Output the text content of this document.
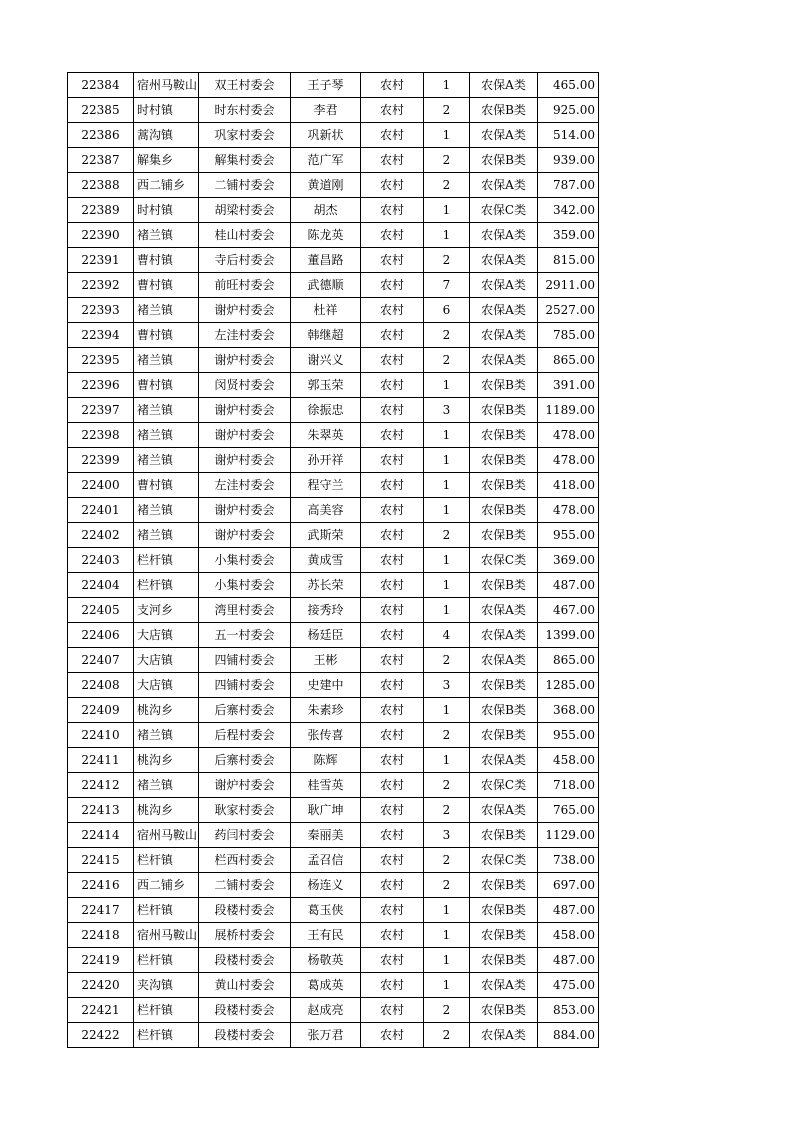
22384	宿州马鞍山	双王村委会	王子琴	农村	1	农保A类	465.00
22385	时村镇	时东村委会	李君	农村	2	农保B类	925.00
22386	蒿沟镇	巩家村委会	巩新状	农村	1	农保A类	514.00
22387	解集乡	解集村委会	范广军	农村	2	农保B类	939.00
22388	西二铺乡	二铺村委会	黄道刚	农村	2	农保A类	787.00
22389	时村镇	胡梁村委会	胡杰	农村	1	农保C类	342.00
22390	褚兰镇	桂山村委会	陈龙英	农村	1	农保A类	359.00
22391	曹村镇	寺后村委会	董昌路	农村	2	农保A类	815.00
22392	曹村镇	前旺村委会	武德顺	农村	7	农保A类	2911.00
22393	褚兰镇	谢炉村委会	杜祥	农村	6	农保A类	2527.00
22394	曹村镇	左洼村委会	韩继超	农村	2	农保A类	785.00
22395	褚兰镇	谢炉村委会	谢兴义	农村	2	农保A类	865.00
22396	曹村镇	闵贤村委会	郭玉荣	农村	1	农保B类	391.00
22397	褚兰镇	谢炉村委会	徐振忠	农村	3	农保B类	1189.00
22398	褚兰镇	谢炉村委会	朱翠英	农村	1	农保B类	478.00
22399	褚兰镇	谢炉村委会	孙开祥	农村	1	农保B类	478.00
22400	曹村镇	左洼村委会	程守兰	农村	1	农保B类	418.00
22401	褚兰镇	谢炉村委会	高美容	农村	1	农保B类	478.00
22402	褚兰镇	谢炉村委会	武斯荣	农村	2	农保B类	955.00
22403	栏杆镇	小集村委会	黄成雪	农村	1	农保C类	369.00
22404	栏杆镇	小集村委会	苏长荣	农村	1	农保B类	487.00
22405	支河乡	湾里村委会	接秀玲	农村	1	农保A类	467.00
22406	大店镇	五一村委会	杨廷臣	农村	4	农保A类	1399.00
22407	大店镇	四铺村委会	王彬	农村	2	农保A类	865.00
22408	大店镇	四铺村委会	史建中	农村	3	农保B类	1285.00
22409	桃沟乡	后寨村委会	朱素珍	农村	1	农保B类	368.00
22410	褚兰镇	后程村委会	张传喜	农村	2	农保B类	955.00
22411	桃沟乡	后寨村委会	陈辉	农村	1	农保A类	458.00
22412	褚兰镇	谢炉村委会	桂雪英	农村	2	农保C类	718.00
22413	桃沟乡	耿家村委会	耿广坤	农村	2	农保A类	765.00
22414	宿州马鞍山	药闫村委会	秦丽美	农村	3	农保B类	1129.00
22415	栏杆镇	栏西村委会	孟召信	农村	2	农保C类	738.00
22416	西二铺乡	二铺村委会	杨连义	农村	2	农保B类	697.00
22417	栏杆镇	段楼村委会	葛玉侠	农村	1	农保B类	487.00
22418	宿州马鞍山	展桥村委会	王有民	农村	1	农保B类	458.00
22419	栏杆镇	段楼村委会	杨敬英	农村	1	农保B类	487.00
22420	夹沟镇	黄山村委会	葛成英	农村	1	农保A类	475.00
22421	栏杆镇	段楼村委会	赵成亮	农村	2	农保B类	853.00
22422	栏杆镇	段楼村委会	张万君	农村	2	农保A类	884.00
